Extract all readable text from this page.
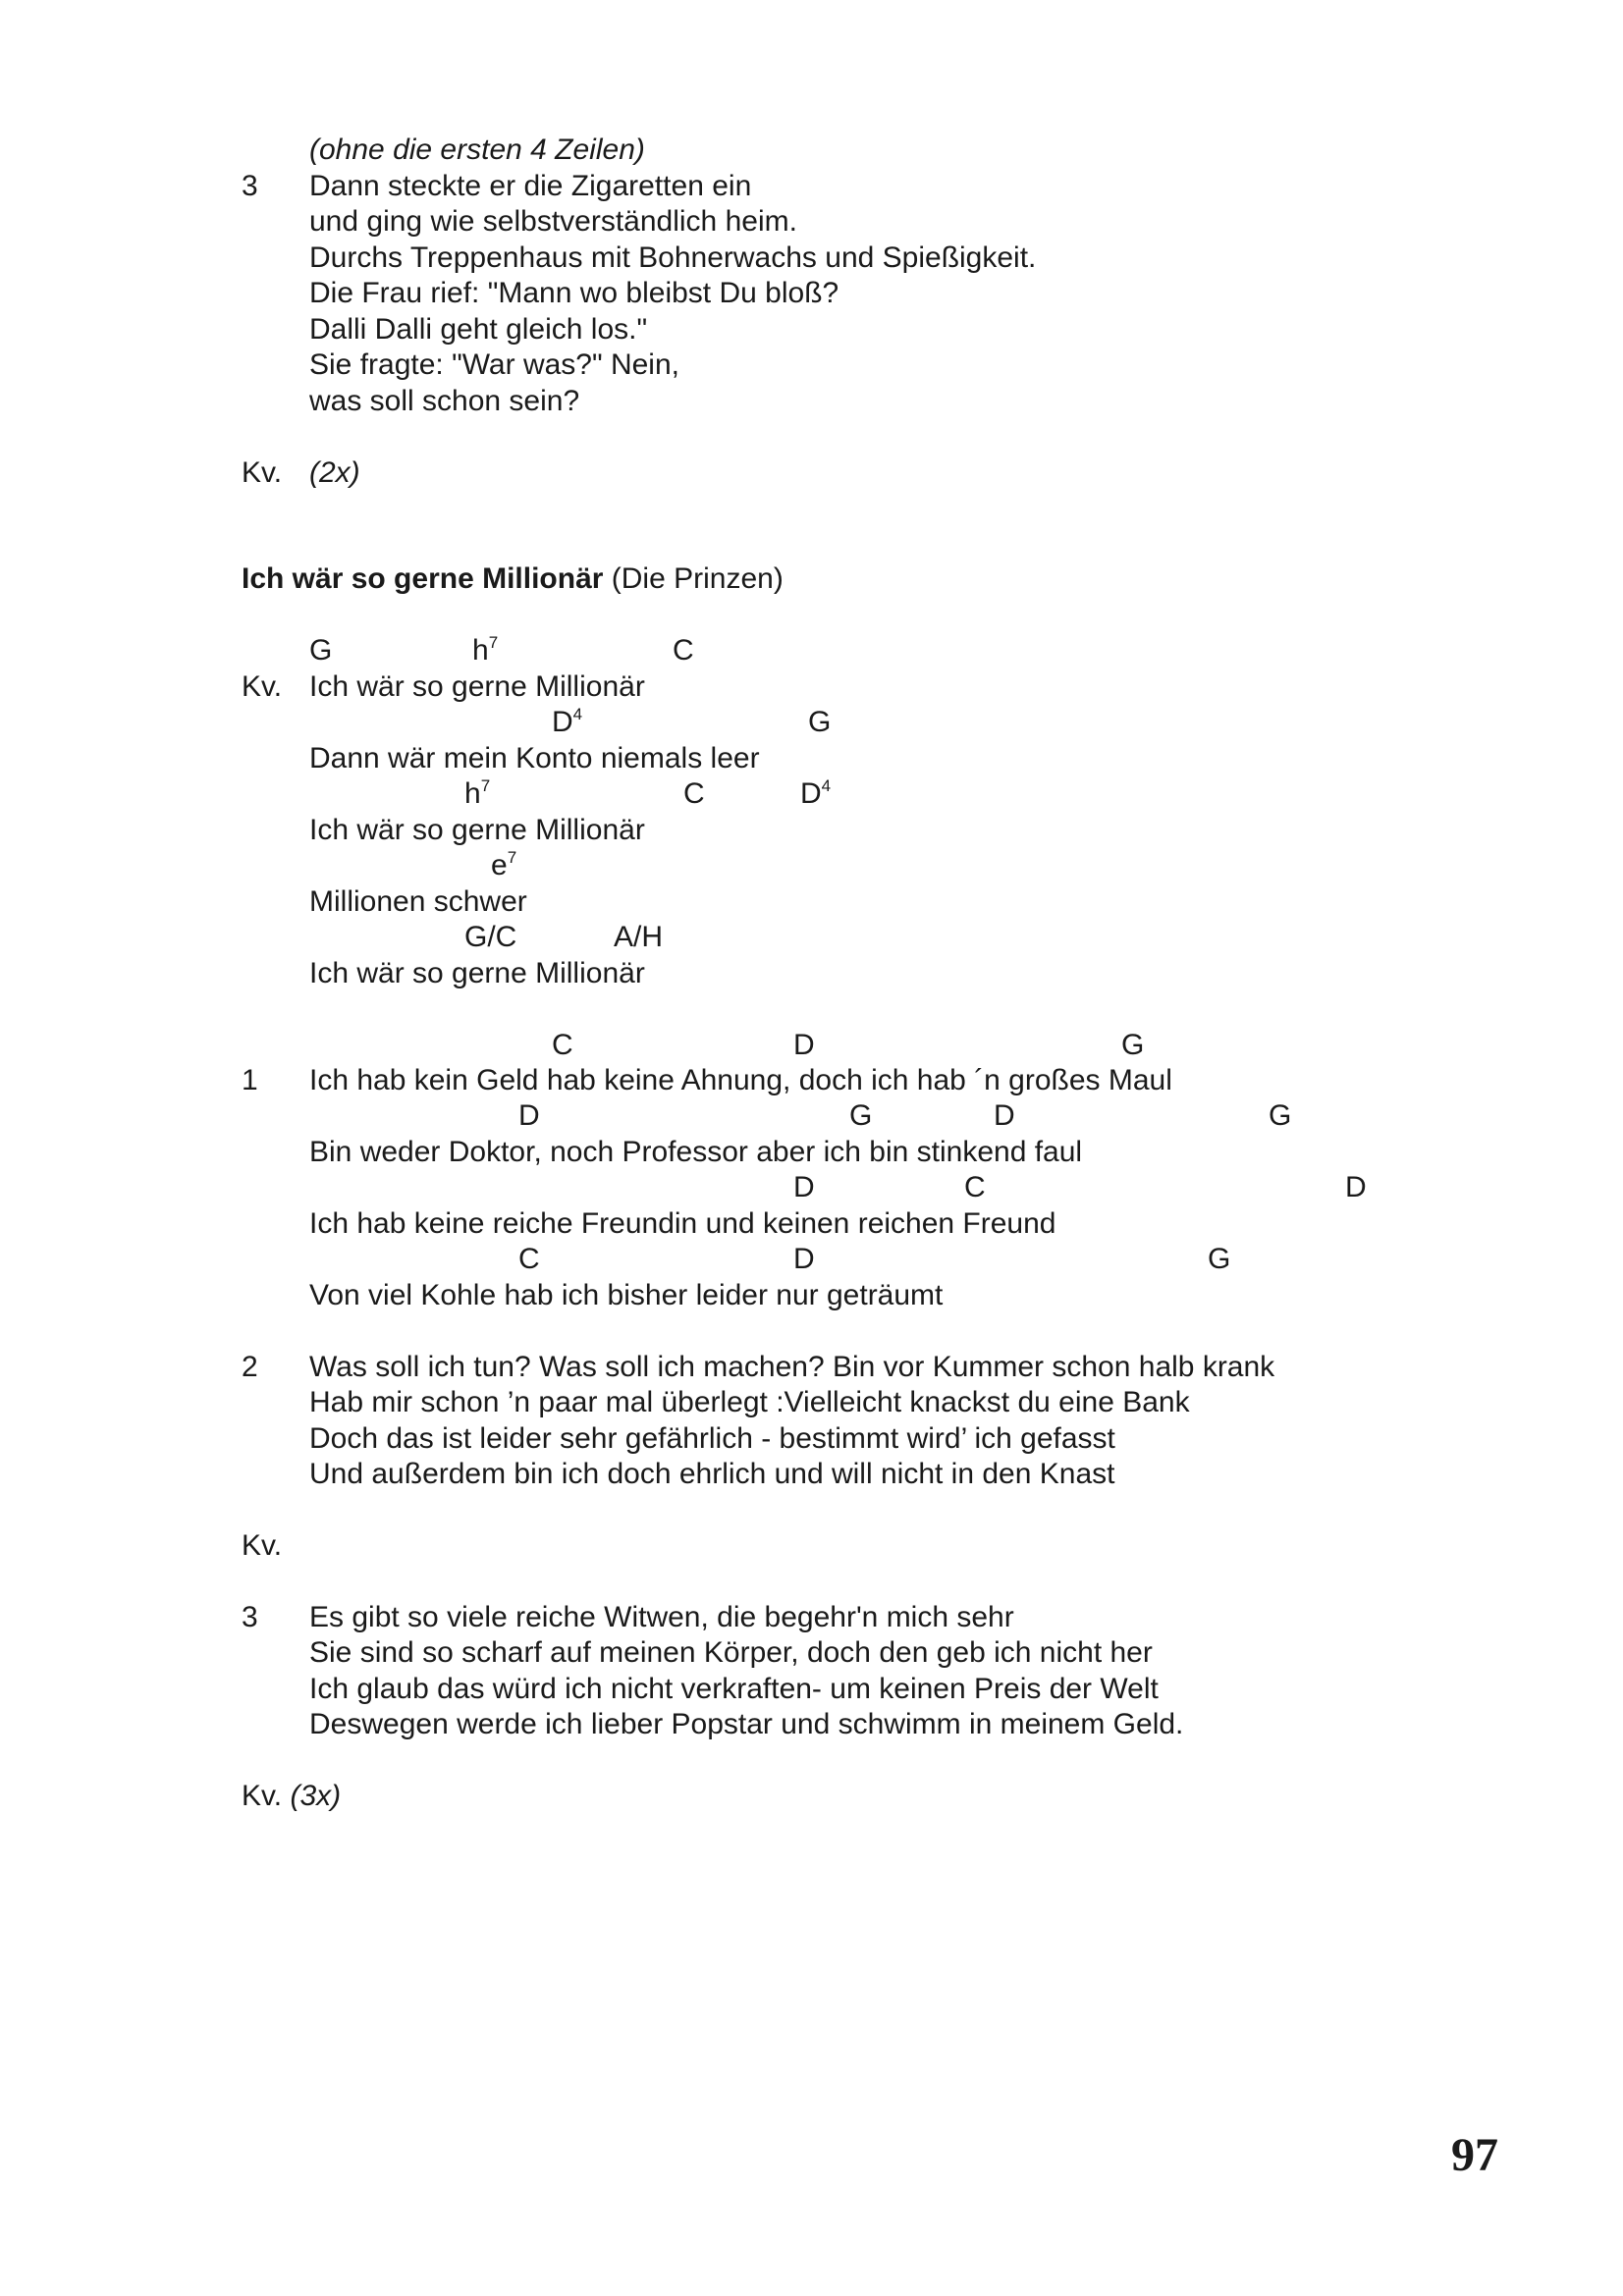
(ohne die ersten 4 Zeilen)
3 Dann steckte er die Zigaretten ein
und ging wie selbstverständlich heim.
Durchs Treppenhaus mit Bohnerwachs und Spießigkeit.
Die Frau rief: "Mann wo bleibst Du bloß?
Dalli Dalli geht gleich los."
Sie fragte: "War was?" Nein,
was soll schon sein?
Kv. (2x)
Ich wär so gerne Millionär (Die Prinzen)
G	$h^7$	C
Kv. Ich wär so gerne Millionär
$D^4$	G
Dann wär mein Konto niemals leer
$h^7$	C	$D^4$
Ich wär so gerne Millionär
$e^7$
Millionen schwer
G/C	A/H
Ich wär so gerne Millionär
C	D	G
1 Ich hab kein Geld hab keine Ahnung, doch ich hab ´n großes Maul
D	G	D	G
Bin weder Doktor, noch Professor aber ich bin stinkend faul
D	C	D
Ich hab keine reiche Freundin und keinen reichen Freund
C	D	G
Von viel Kohle hab ich bisher leider nur geträumt
2 Was soll ich tun? Was soll ich machen? Bin vor Kummer schon halb krank
Hab mir schon ’n paar mal überlegt :Vielleicht knackst du eine Bank
Doch das ist leider sehr gefährlich - bestimmt wird’ ich gefasst
Und außerdem bin ich doch ehrlich und will nicht in den Knast
Kv.
3 Es gibt so viele reiche Witwen, die begehr'n mich sehr
Sie sind so scharf auf meinen Körper, doch den geb ich nicht her
Ich glaub das würd ich nicht verkraften- um keinen Preis der Welt
Deswegen werde ich lieber Popstar und schwimm in meinem Geld.
Kv. (3x)
97
